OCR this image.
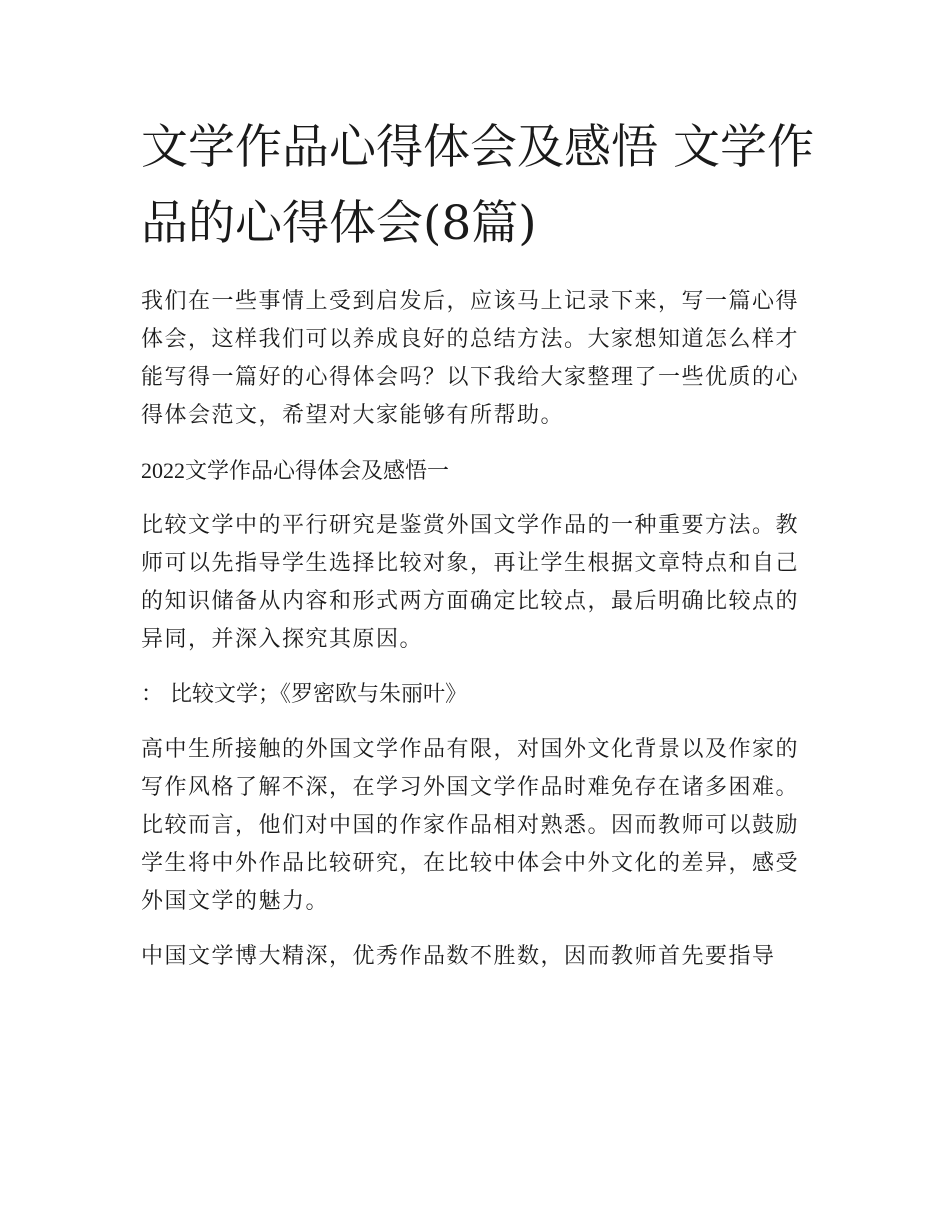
文学作品心得体会及感悟 文学作品的心得体会(8篇)

我们在一些事情上受到启发后，应该马上记录下来，写一篇心得体会，这样我们可以养成良好的总结方法。大家想知道怎么样才能写得一篇好的心得体会吗？以下我给大家整理了一些优质的心得体会范文，希望对大家能够有所帮助。

2022文学作品心得体会及感悟一

比较文学中的平行研究是鉴赏外国文学作品的一种重要方法。教师可以先指导学生选择比较对象，再让学生根据文章特点和自己的知识储备从内容和形式两方面确定比较点，最后明确比较点的异同，并深入探究其原因。

： 比较文学；《罗密欧与朱丽叶》

高中生所接触的外国文学作品有限，对国外文化背景以及作家的写作风格了解不深，在学习外国文学作品时难免存在诸多困难。比较而言，他们对中国的作家作品相对熟悉。因而教师可以鼓励学生将中外作品比较研究，在比较中体会中外文化的差异，感受外国文学的魅力。

中国文学博大精深，优秀作品数不胜数，因而教师首先要指导
